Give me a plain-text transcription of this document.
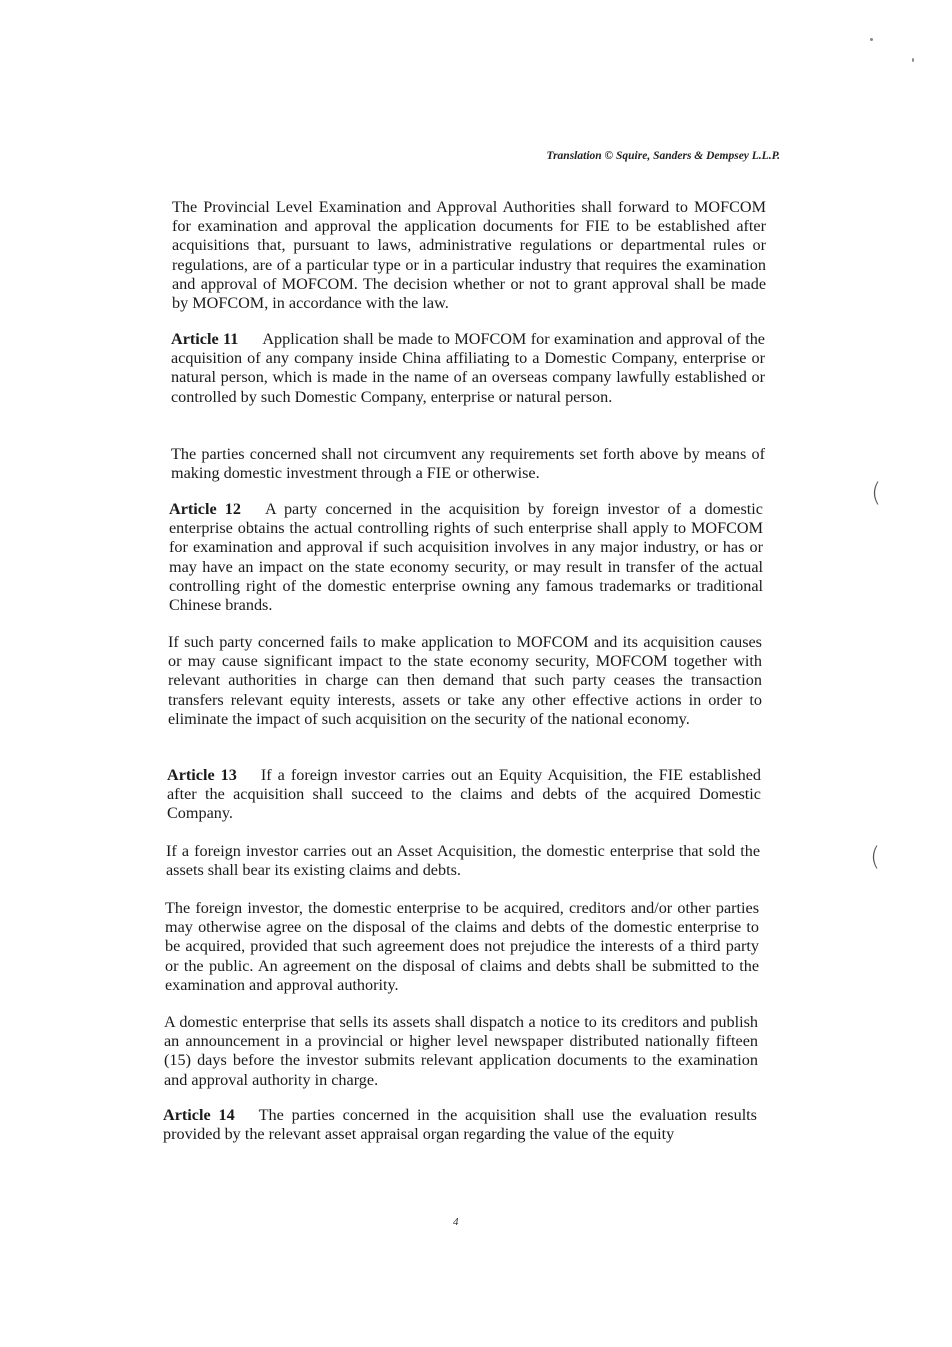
Translation © Squire, Sanders & Dempsey L.L.P.
The Provincial Level Examination and Approval Authorities shall forward to MOFCOM for examination and approval the application documents for FIE to be established after acquisitions that, pursuant to laws, administrative regulations or departmental rules or regulations, are of a particular type or in a particular industry that requires the examination and approval of MOFCOM. The decision whether or not to grant approval shall be made by MOFCOM, in accordance with the law.
Article 11 Application shall be made to MOFCOM for examination and approval of the acquisition of any company inside China affiliating to a Domestic Company, enterprise or natural person, which is made in the name of an overseas company lawfully established or controlled by such Domestic Company, enterprise or natural person.
The parties concerned shall not circumvent any requirements set forth above by means of making domestic investment through a FIE or otherwise.
Article 12 A party concerned in the acquisition by foreign investor of a domestic enterprise obtains the actual controlling rights of such enterprise shall apply to MOFCOM for examination and approval if such acquisition involves in any major industry, or has or may have an impact on the state economy security, or may result in transfer of the actual controlling right of the domestic enterprise owning any famous trademarks or traditional Chinese brands.
If such party concerned fails to make application to MOFCOM and its acquisition causes or may cause significant impact to the state economy security, MOFCOM together with relevant authorities in charge can then demand that such party ceases the transaction transfers relevant equity interests, assets or take any other effective actions in order to eliminate the impact of such acquisition on the security of the national economy.
Article 13 If a foreign investor carries out an Equity Acquisition, the FIE established after the acquisition shall succeed to the claims and debts of the acquired Domestic Company.
If a foreign investor carries out an Asset Acquisition, the domestic enterprise that sold the assets shall bear its existing claims and debts.
The foreign investor, the domestic enterprise to be acquired, creditors and/or other parties may otherwise agree on the disposal of the claims and debts of the domestic enterprise to be acquired, provided that such agreement does not prejudice the interests of a third party or the public. An agreement on the disposal of claims and debts shall be submitted to the examination and approval authority.
A domestic enterprise that sells its assets shall dispatch a notice to its creditors and publish an announcement in a provincial or higher level newspaper distributed nationally fifteen (15) days before the investor submits relevant application documents to the examination and approval authority in charge.
Article 14 The parties concerned in the acquisition shall use the evaluation results provided by the relevant asset appraisal organ regarding the value of the equity
4
(
(
